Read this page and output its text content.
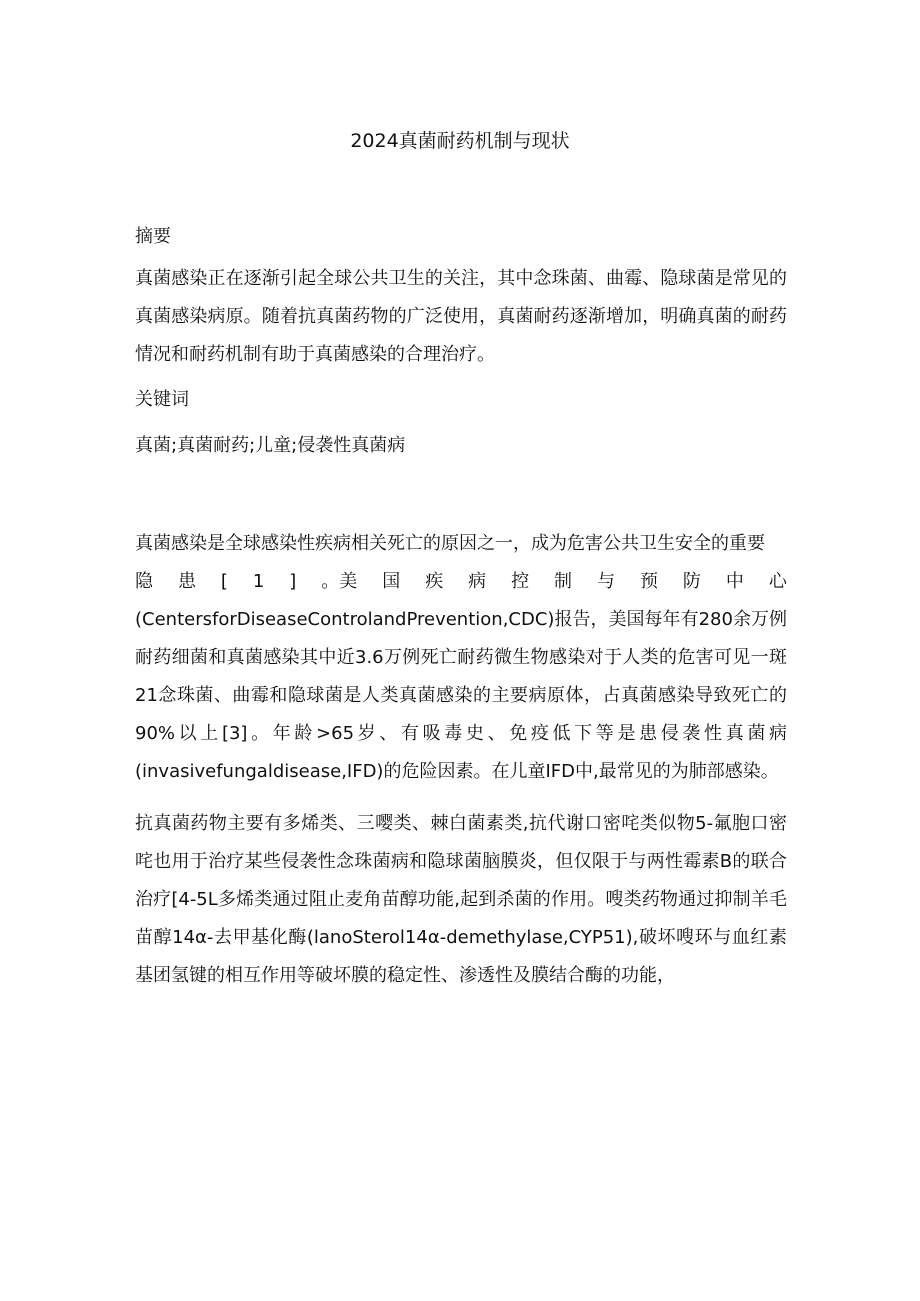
2024真菌耐药机制与现状

摘要

真菌感染正在逐渐引起全球公共卫生的关注，其中念珠菌、曲霉、隐球菌是常见的真菌感染病原。随着抗真菌药物的广泛使用，真菌耐药逐渐增加，明确真菌的耐药情况和耐药机制有助于真菌感染的合理治疗。

关键词

真菌;真菌耐药;儿童;侵袭性真菌病

真菌感染是全球感染性疾病相关死亡的原因之一，成为危害公共卫生安全的重要

隐 患 [ 1 ] 。美 国 疾 病 控 制 与 预 防 中 心

(CentersforDiseaseControlandPrevention,CDC)报告，美国每年有280余万例耐药细菌和真菌感染其中近3.6万例死亡耐药微生物感染对于人类的危害可见一斑21念珠菌、曲霉和隐球菌是人类真菌感染的主要病原体，占真菌感染导致死亡的90%以上[3]。年龄>65岁、有吸毒史、免疫低下等是患侵袭性真菌病(invasivefungaldisease,IFD)的危险因素。在儿童IFD中,最常见的为肺部感染。

抗真菌药物主要有多烯类、三嘤类、棘白菌素类,抗代谢口密咤类似物5-氟胞口密咤也用于治疗某些侵袭性念珠菌病和隐球菌脑膜炎，但仅限于与两性霉素B的联合治疗[4-5L多烯类通过阻止麦角苗醇功能,起到杀菌的作用。嗖类药物通过抑制羊毛苗醇14α-去甲基化酶(lanoSterol14α-demethylase,CYP51),破坏嗖环与血红素基团氢键的相互作用等破坏膜的稳定性、渗透性及膜结合酶的功能，
